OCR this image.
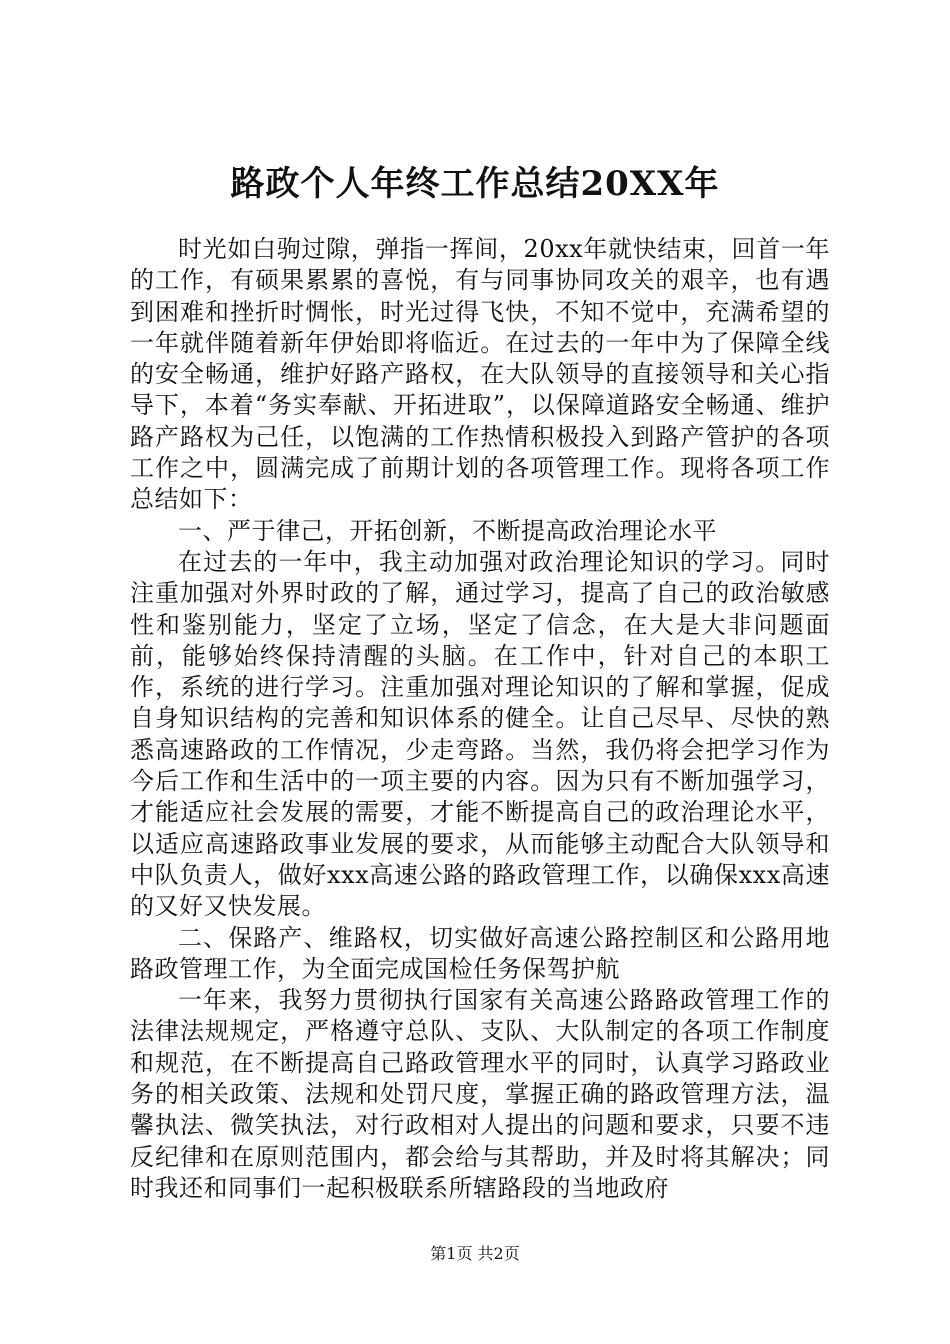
路政个人年终工作总结20XX年

时光如白驹过隙，弹指一挥间，20xx年就快结束，回首一年的工作，有硕果累累的喜悦，有与同事协同攻关的艰辛，也有遇到困难和挫折时惆怅，时光过得飞快，不知不觉中，充满希望的一年就伴随着新年伊始即将临近。在过去的一年中为了保障全线的安全畅通，维护好路产路权，在大队领导的直接领导和关心指导下，本着“务实奉献、开拓进取”，以保障道路安全畅通、维护路产路权为己任，以饱满的工作热情积极投入到路产管护的各项工作之中，圆满完成了前期计划的各项管理工作。现将各项工作总结如下：

一、严于律己，开拓创新，不断提高政治理论水平

在过去的一年中，我主动加强对政治理论知识的学习。同时注重加强对外界时政的了解，通过学习，提高了自己的政治敏感性和鉴别能力，坚定了立场，坚定了信念，在大是大非问题面前，能够始终保持清醒的头脑。在工作中，针对自己的本职工作，系统的进行学习。注重加强对理论知识的了解和掌握，促成自身知识结构的完善和知识体系的健全。让自己尽早、尽快的熟悉高速路政的工作情况，少走弯路。当然，我仍将会把学习作为今后工作和生活中的一项主要的内容。因为只有不断加强学习，才能适应社会发展的需要，才能不断提高自己的政治理论水平，以适应高速路政事业发展的要求，从而能够主动配合大队领导和中队负责人，做好xxx高速公路的路政管理工作，以确保xxx高速的又好又快发展。

二、保路产、维路权，切实做好高速公路控制区和公路用地路政管理工作，为全面完成国检任务保驾护航

一年来，我努力贯彻执行国家有关高速公路路政管理工作的法律法规规定，严格遵守总队、支队、大队制定的各项工作制度和规范，在不断提高自己路政管理水平的同时，认真学习路政业务的相关政策、法规和处罚尺度，掌握正确的路政管理方法，温馨执法、微笑执法，对行政相对人提出的问题和要求，只要不违反纪律和在原则范围内，都会给与其帮助，并及时将其解决；同时我还和同事们一起积极联系所辖路段的当地政府

第1页 共2页
